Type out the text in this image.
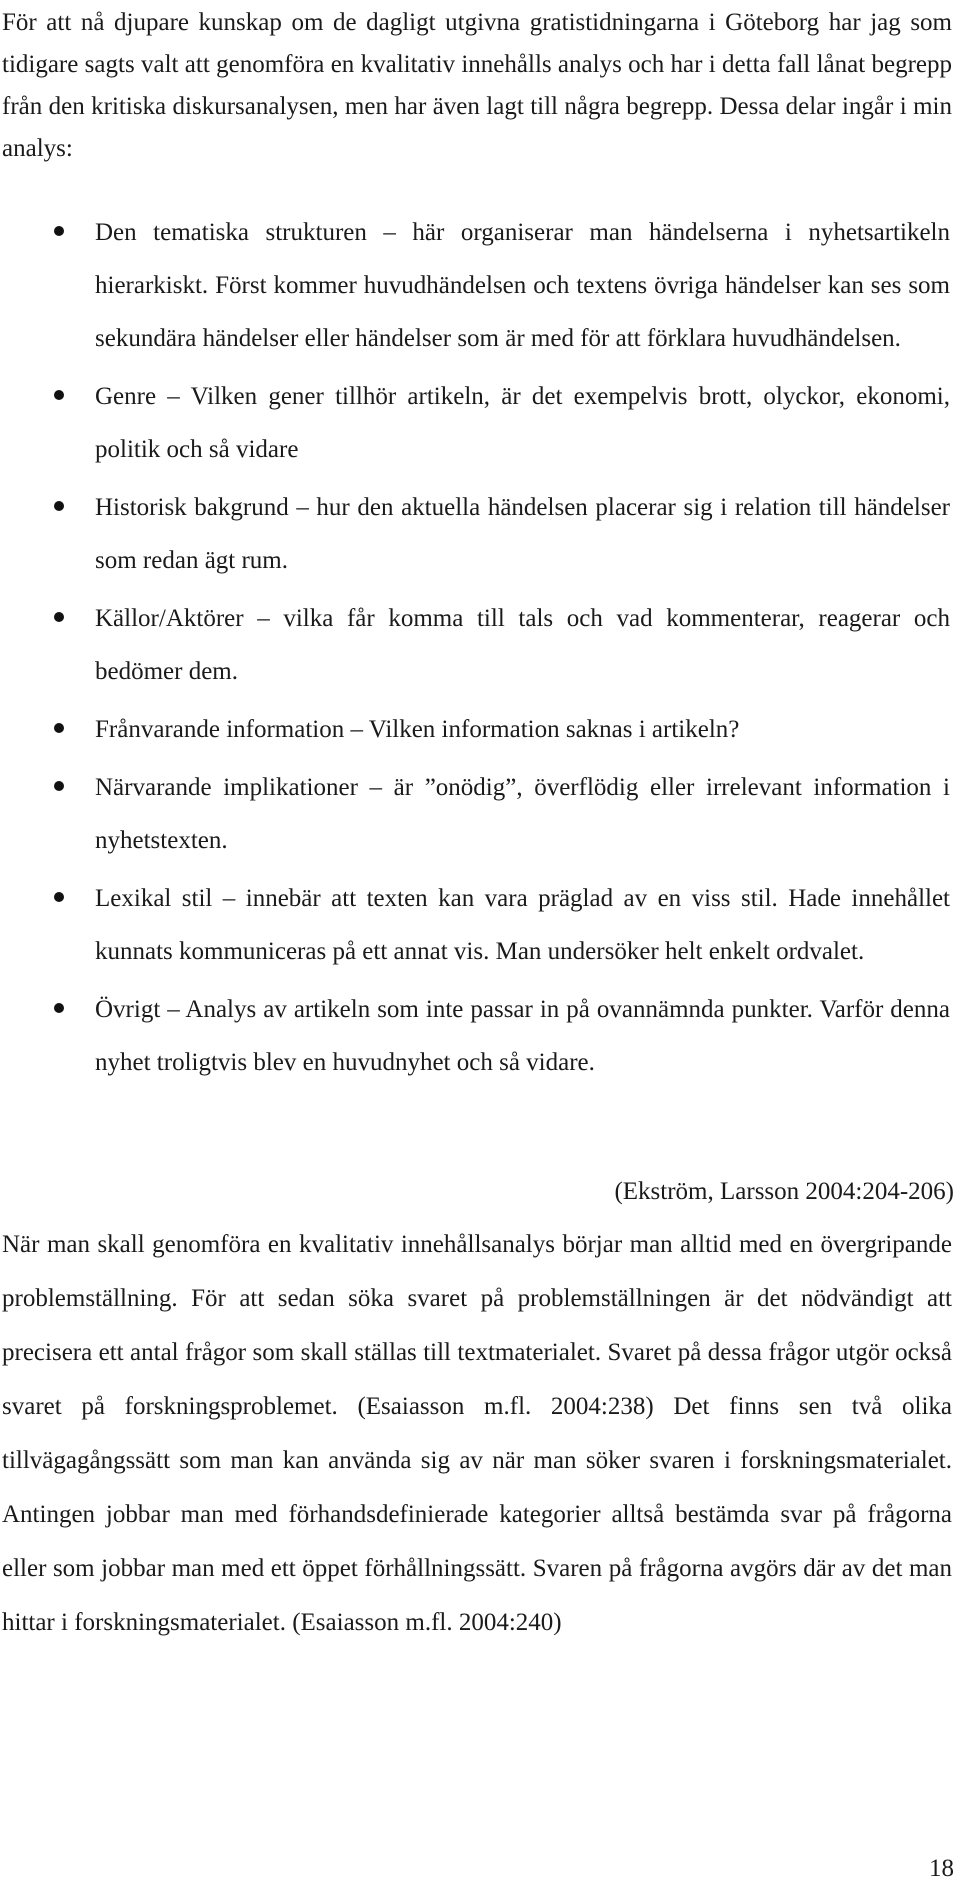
För att nå djupare kunskap om de dagligt utgivna gratistidningarna i Göteborg har jag som tidigare sagts valt att genomföra en kvalitativ innehålls analys och har i detta fall lånat begrepp från den kritiska diskursanalysen, men har även lagt till några begrepp. Dessa delar ingår i min analys:

Den tematiska strukturen – här organiserar man händelserna i nyhetsartikeln hierarkiskt. Först kommer huvudhändelsen och textens övriga händelser kan ses som sekundära händelser eller händelser som är med för att förklara huvudhändelsen.
Genre – Vilken gener tillhör artikeln, är det exempelvis brott, olyckor, ekonomi, politik och så vidare
Historisk bakgrund – hur den aktuella händelsen placerar sig i relation till händelser som redan ägt rum.
Källor/Aktörer – vilka får komma till tals och vad kommenterar, reagerar och bedömer dem.
Frånvarande information – Vilken information saknas i artikeln?
Närvarande implikationer – är ”onödig”, överflödig eller irrelevant information i nyhetstexten.
Lexikal stil – innebär att texten kan vara präglad av en viss stil. Hade innehållet kunnats kommuniceras på ett annat vis. Man undersöker helt enkelt ordvalet.
Övrigt – Analys av artikeln som inte passar in på ovannämnda punkter. Varför denna nyhet troligtvis blev en huvudnyhet och så vidare.

(Ekström, Larsson 2004:204-206)

När man skall genomföra en kvalitativ innehållsanalys börjar man alltid med en övergripande problemställning. För att sedan söka svaret på problemställningen är det nödvändigt att precisera ett antal frågor som skall ställas till textmaterialet. Svaret på dessa frågor utgör också svaret på forskningsproblemet. (Esaiasson m.fl. 2004:238) Det finns sen två olika tillvägagångssätt som man kan använda sig av när man söker svaren i forskningsmaterialet. Antingen jobbar man med förhandsdefinierade kategorier alltså bestämda svar på frågorna eller som jobbar man med ett öppet förhållningssätt. Svaren på frågorna avgörs där av det man hittar i forskningsmaterialet. (Esaiasson m.fl. 2004:240)

18
